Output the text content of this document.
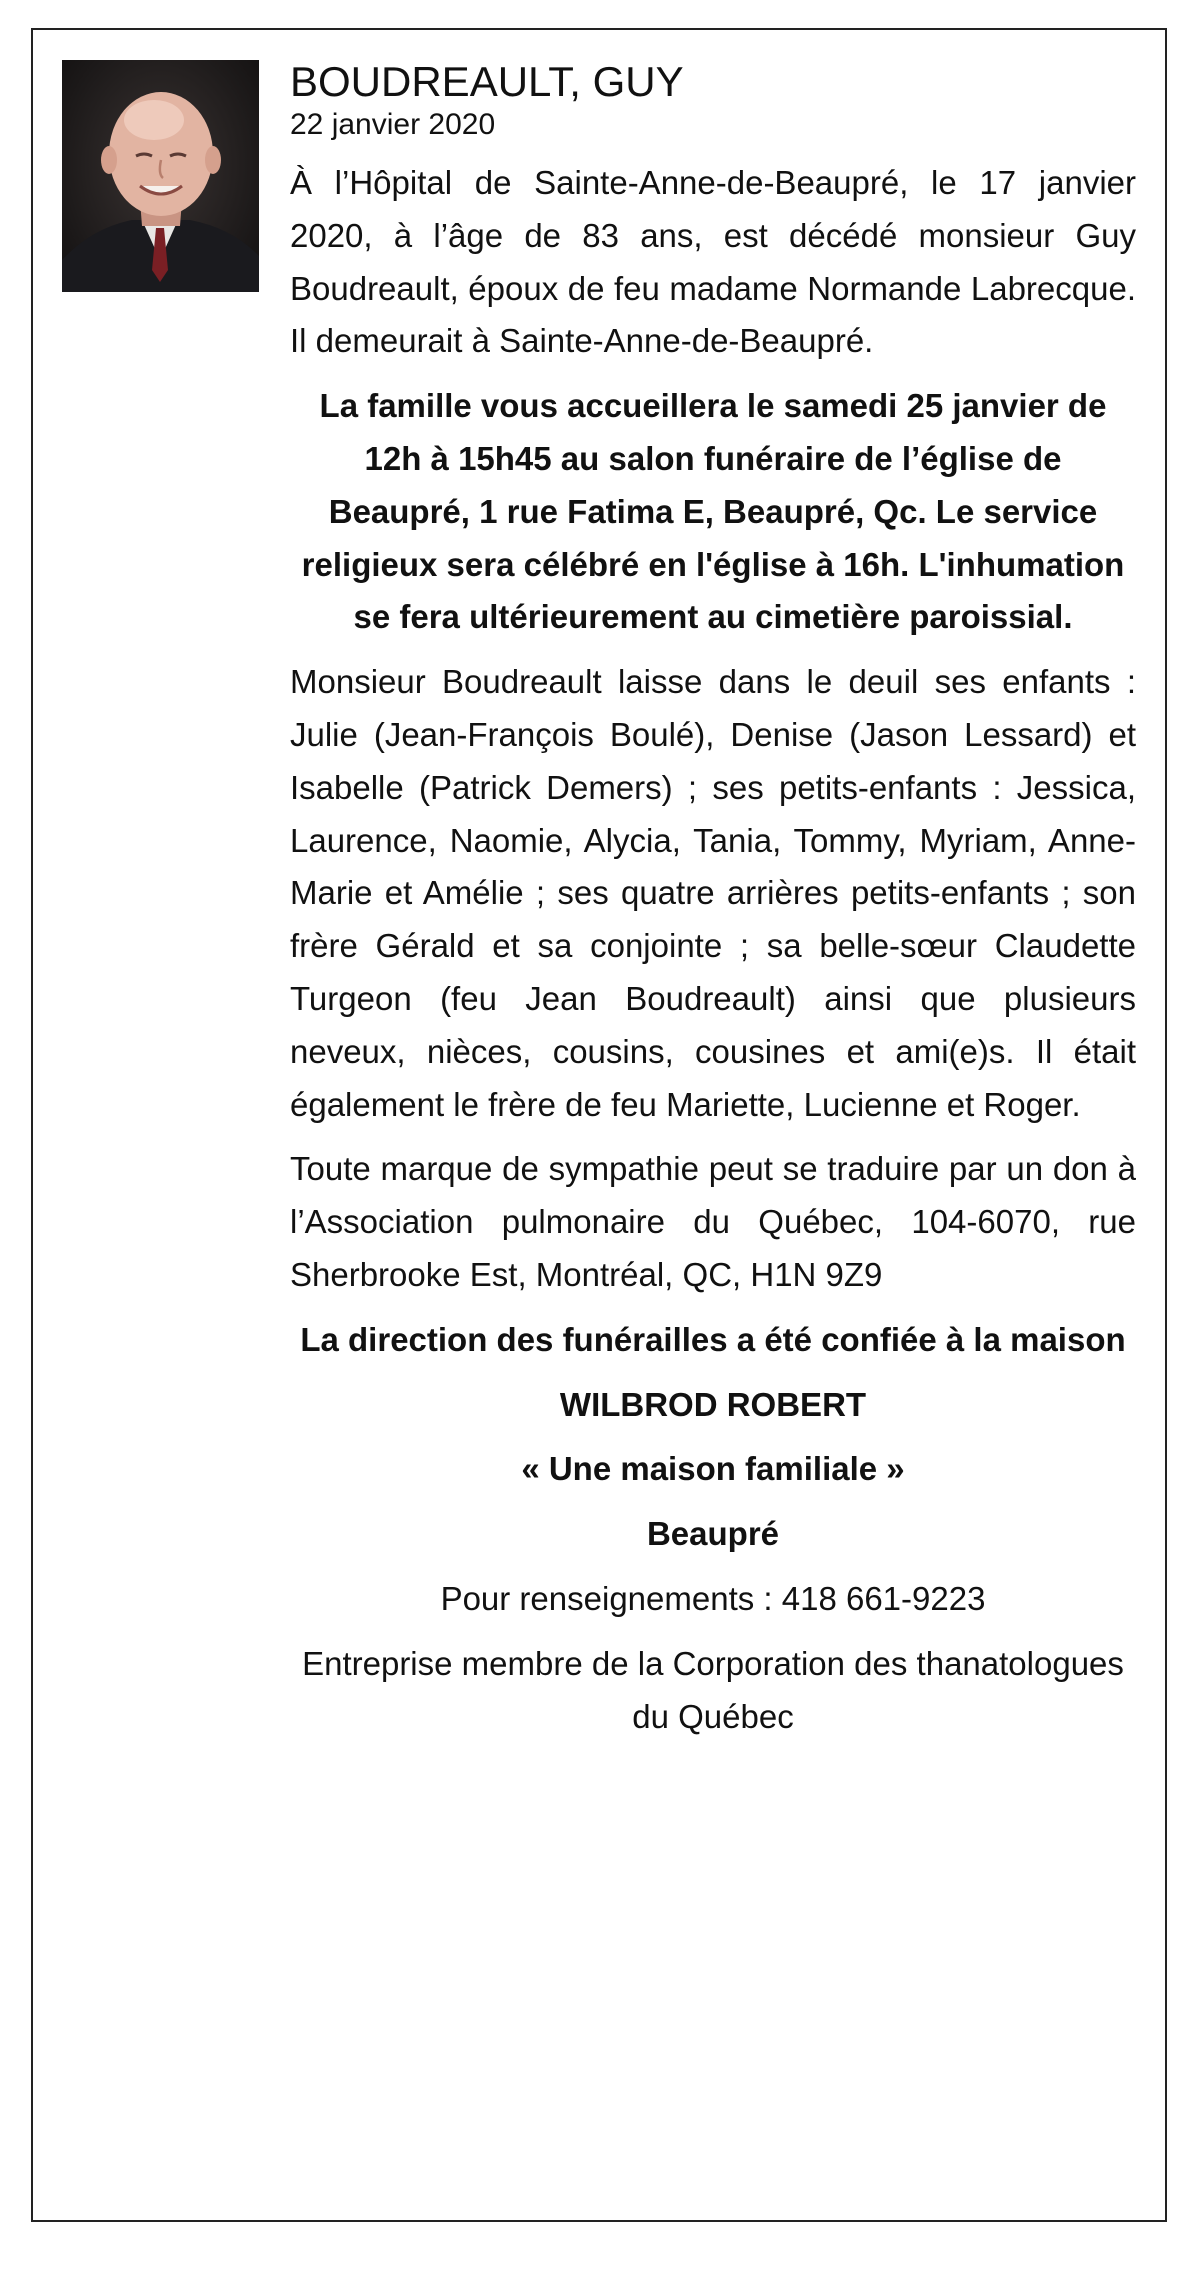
BOUDREAULT, GUY
22 janvier 2020

À l’Hôpital de Sainte-Anne-de-Beaupré, le 17 janvier 2020, à l’âge de 83 ans, est décédé monsieur Guy Boudreault, époux de feu madame Normande Labrecque. Il demeurait à Sainte-Anne-de-Beaupré.

La famille vous accueillera le samedi 25 janvier de 12h à 15h45 au salon funéraire de l’église de Beaupré, 1 rue Fatima E, Beaupré, Qc. Le service religieux sera célébré en l'église à 16h. L'inhumation se fera ultérieurement au cimetière paroissial.

Monsieur Boudreault laisse dans le deuil ses enfants : Julie (Jean-François Boulé), Denise (Jason Lessard) et Isabelle (Patrick Demers) ; ses petits-enfants : Jessica, Laurence, Naomie, Alycia, Tania, Tommy, Myriam, Anne-Marie et Amélie ; ses quatre arrières petits-enfants ; son frère Gérald et sa conjointe ; sa belle-sœur Claudette Turgeon (feu Jean Boudreault) ainsi que plusieurs neveux, nièces, cousins, cousines et ami(e)s. Il était également le frère de feu Mariette, Lucienne et Roger.

Toute marque de sympathie peut se traduire par un don à l’Association pulmonaire du Québec, 104-6070, rue Sherbrooke Est, Montréal, QC, H1N 9Z9

La direction des funérailles a été confiée à la maison

WILBROD ROBERT

« Une maison familiale »

Beaupré

Pour renseignements : 418 661-9223

Entreprise membre de la Corporation des thanatologues du Québec
